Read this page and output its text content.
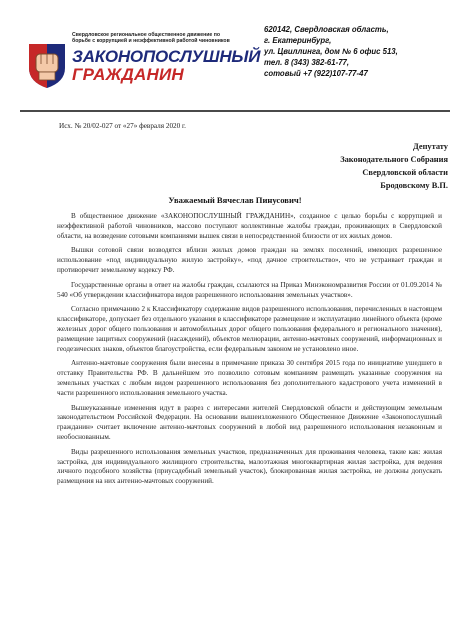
Свердловское региональное общественное движение по борьбе с коррупцией и неэффективной работой чиновников
ЗАКОНОПОСЛУШНЫЙ
ГРАЖДАНИН
620142, Свердловская область,
г. Екатеринбург,
ул. Цвиллинга, дом № 6 офис 513,
тел. 8 (343) 382-61-77,
сотовый +7 (922)107-77-47
Исх. № 20/02-027 от «27» февраля 2020 г.
Депутату
Законодательного Собрания
Свердловской области
Бродовскому В.П.
Уважаемый Вячеслав Пинусович!

В общественное движение «ЗАКОНОПОСЛУШНЫЙ ГРАЖДАНИН», созданное с целью борьбы с коррупцией и неэффективной работой чиновников, массово поступают коллективные жалобы граждан, проживающих в Свердловской области, на возведение сотовыми компаниями вышек связи в непосредственной близости от их жилых домов.

Вышки сотовой связи возводятся вблизи жилых домов граждан на землях поселений, имеющих разрешенное использование «под индивидуальную жилую застройку», «под дачное строительство», что не устраивает граждан и противоречит земельному кодексу РФ.

Государственные органы в ответ на жалобы граждан, ссылаются на Приказ Минэкономразвития России от 01.09.2014 № 540 «Об утверждении классификатора видов разрешенного использования земельных участков».

Согласно примечанию 2 к Классификатору содержание видов разрешенного использования, перечисленных в настоящем классификаторе, допускает без отдельного указания в классификаторе размещение и эксплуатацию линейного объекта (кроме железных дорог общего пользования и автомобильных дорог общего пользования федерального и регионального значения), размещение защитных сооружений (насаждений), объектов мелиорации, антенно-мачтовых сооружений, информационных и геодезических знаков, объектов благоустройства, если федеральным законом не установлено иное.

Антенно-мачтовые сооружения были внесены в примечание приказа 30 сентября 2015 года по инициативе ушедшего в отставку Правительства РФ. В дальнейшем это позволило сотовым компаниям размещать указанные сооружения на земельных участках с любым видом разрешенного использования без дополнительного кадастрового учета изменений в части разрешенного использования земельного участка.

Вышеуказанные изменения идут в разрез с интересами жителей Свердловской области и действующим земельным законодательством Российской Федерации. На основании вышеизложенного Общественное Движение «Законопослушный гражданин» считает включение антенно-мачтовых сооружений в любой вид разрешенного использования незаконным и необоснованным.

Виды разрешенного использования земельных участков, предназначенных для проживания человека, такие как: жилая застройка, для индивидуального жилищного строительства, малоэтажная многоквартирная жилая застройка, для ведения личного подсобного хозяйства (приусадебный земельный участок), блокированная жилая застройка, не должны допускать размещения на них антенно-мачтовых сооружений.
